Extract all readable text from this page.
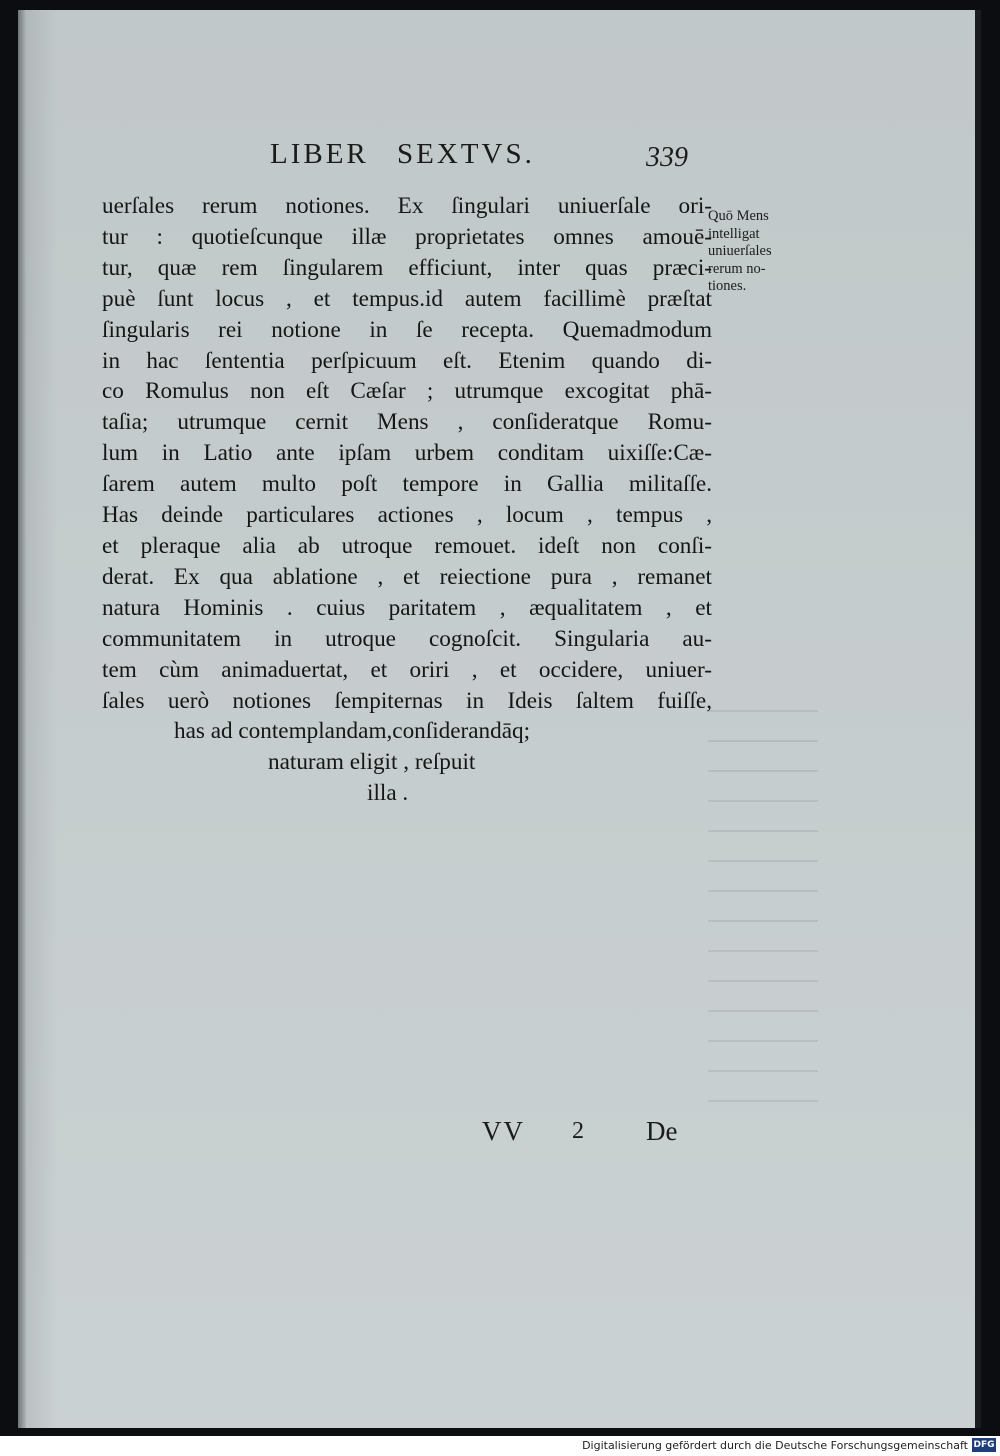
LIBER SEXTVS.	339
uerſales rerum notiones. Ex ſingulari uniuerſale ori-
tur : quotieſcunque illæ proprietates omnes amouē-
tur, quæ rem ſingularem efficiunt, inter quas præci-
puè ſunt locus , et tempus.id autem facillimè præſtat
ſingularis rei notione in ſe recepta. Quemadmodum
in hac ſententia perſpicuum eſt. Etenim quando di-
co Romulus non eſt Cæſar ; utrumque excogitat phā-
taſia; utrumque cernit Mens , conſideratque Romu-
lum in Latio ante ipſam urbem conditam uixiſſe:Cæ-
ſarem autem multo poſt tempore in Gallia militaſſe.
Has deinde particulares actiones , locum , tempus ,
et pleraque alia ab utroque remouet. ideſt non conſi-
derat. Ex qua ablatione , et reiectione pura , remanet
natura Hominis . cuius paritatem , æqualitatem , et
communitatem in utroque cognoſcit. Singularia au-
tem cùm animaduertat, et oriri , et occidere, uniuer-
ſales uerò notiones ſempiternas in Ideis ſaltem fuiſſe,
has ad contemplandam,conſiderandāq;
naturam eligit , reſpuit
illa .
Quō Mens
intelligat
uniuerſales
rerum no-
tiones.
VV 2 De
Digitalisierung gefördert durch die Deutsche Forschungsgemeinschaft DFG
